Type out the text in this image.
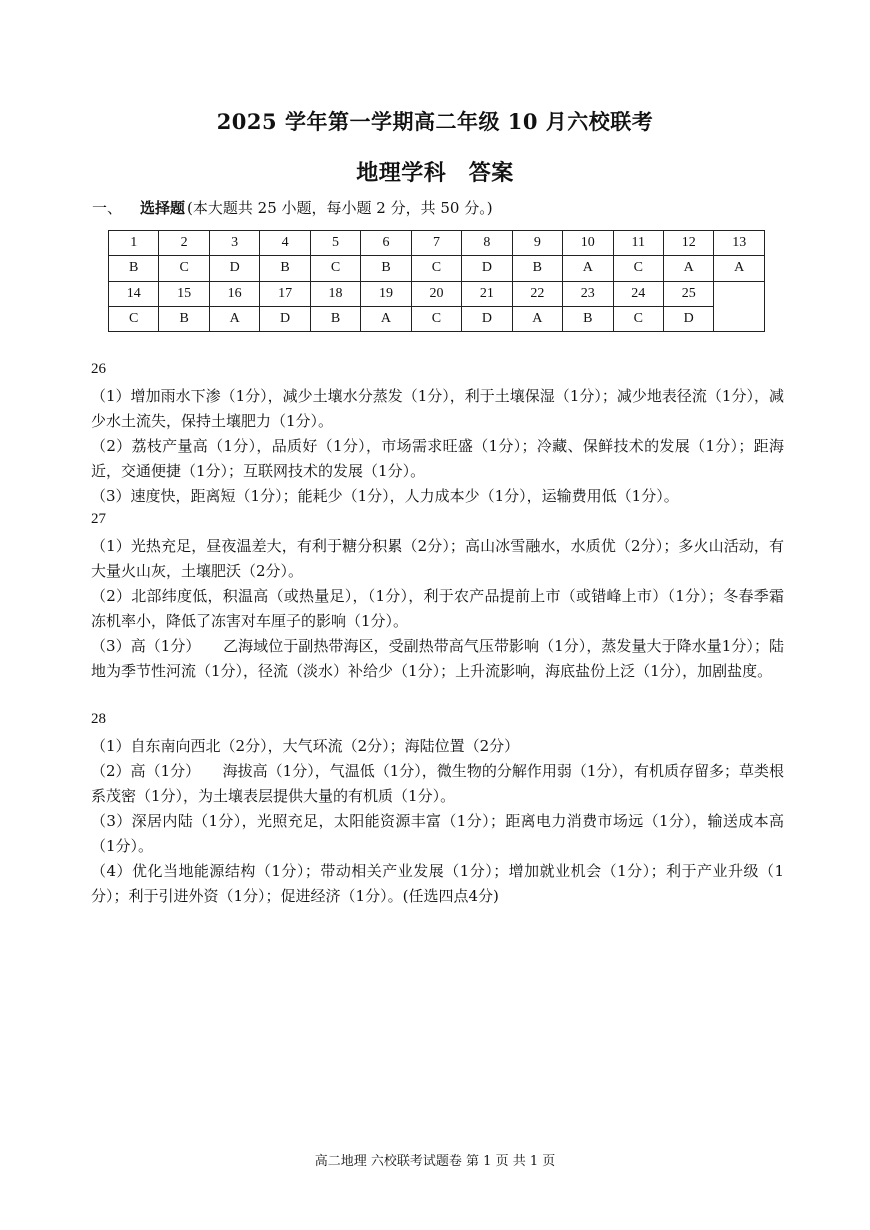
2025 学年第一学期高二年级 10 月六校联考
地理学科　答案
一、 选择题 (本大题共 25 小题，每小题 2 分，共 50 分。)
1	2	3	4	5	6	7	8	9	10	11	12	13
B	C	D	B	C	B	C	D	B	A	C	A	A
14	15	16	17	18	19	20	21	22	23	24	25	
C	B	A	D	B	A	C	D	A	B	C	D	
26
（1）增加雨水下渗（1分），减少土壤水分蒸发（1分），利于土壤保湿（1分）；减少地表径流（1分），减少水土流失，保持土壤肥力（1分）。
（2）荔枝产量高（1分），品质好（1分），市场需求旺盛（1分）；冷藏、保鲜技术的发展（1分）；距海近，交通便捷（1分）；互联网技术的发展（1分）。
（3）速度快，距离短（1分）；能耗少（1分），人力成本少（1分），运输费用低（1分）。
27
（1）光热充足，昼夜温差大，有利于糖分积累（2分）；高山冰雪融水，水质优（2分）；多火山活动，有大量火山灰，土壤肥沃（2分）。
（2）北部纬度低，积温高（或热量足），（1分），利于农产品提前上市（或错峰上市）（1分）；冬春季霜冻机率小，降低了冻害对车厘子的影响（1分）。
（3）高（1分）　　乙海域位于副热带海区，受副热带高气压带影响（1分），蒸发量大于降水量1分）；陆地为季节性河流（1分），径流（淡水）补给少（1分）；上升流影响，海底盐份上泛（1分），加剧盐度。
28
（1）自东南向西北（2分），大气环流（2分）；海陆位置（2分）
（2）高（1分）　　海拔高（1分），气温低（1分），微生物的分解作用弱（1分），有机质存留多；草类根系茂密（1分），为土壤表层提供大量的有机质（1分）。
（3）深居内陆（1分），光照充足，太阳能资源丰富（1分）；距离电力消费市场远（1分），输送成本高（1分）。
（4）优化当地能源结构（1分）；带动相关产业发展（1分）；增加就业机会（1分）；利于产业升级（1分）；利于引进外资（1分）；促进经济（1分）。(任选四点4分)
高二地理 六校联考试题卷 第 1 页 共 1 页
